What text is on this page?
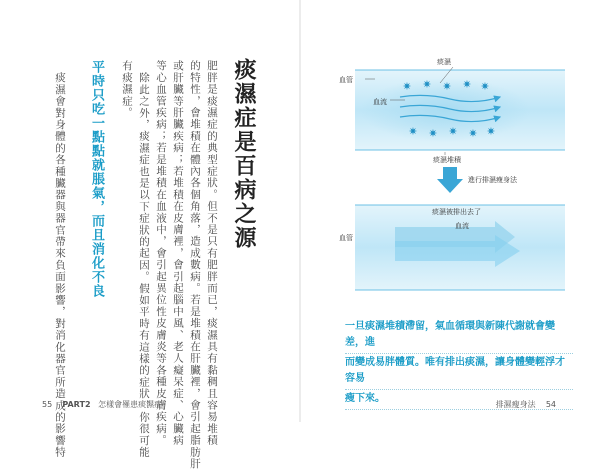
痰濕症是百病之源
肥胖是痰濕症的典型症狀。但不是只有肥胖而已，痰濕具有黏稠且容易堆積
的特性，會堆積在體內各個角落，造成數病。若是堆積在肝臟裡，會引起脂肪肝
或肝臟等肝臟疾病；若堆積在皮膚裡，會引起腦中風、老人癡呆症、心臟病
等心血管疾病；若是堆積在血液中，會引起異位性皮膚炎等各種皮膚疾病。
除此之外，痰濕症也是以下症狀的起因。假如平時有這樣的症狀，你很可能
有痰濕症。
平時只吃一點點就脹氣，而且消化不良
痰濕會對身體的各種臟器與器官帶來負面影響，對消化器官所造成的影響特
55 PART2 怎樣會罹患痰濕症
✷ ✷ ✷ ✷ ✷
✷ ✷ ✷ ✷ ✷
痰濕
血管
血流
痰濕堆積
進行排濕瘦身法
痰濕被排出去了
血流
血管
一旦痰濕堆積滯留，氣血循環與新陳代謝就會變差，進
而變成易胖體質。唯有排出痰濕，讓身體變輕浮才容易
瘦下來。
排濕瘦身法 54
